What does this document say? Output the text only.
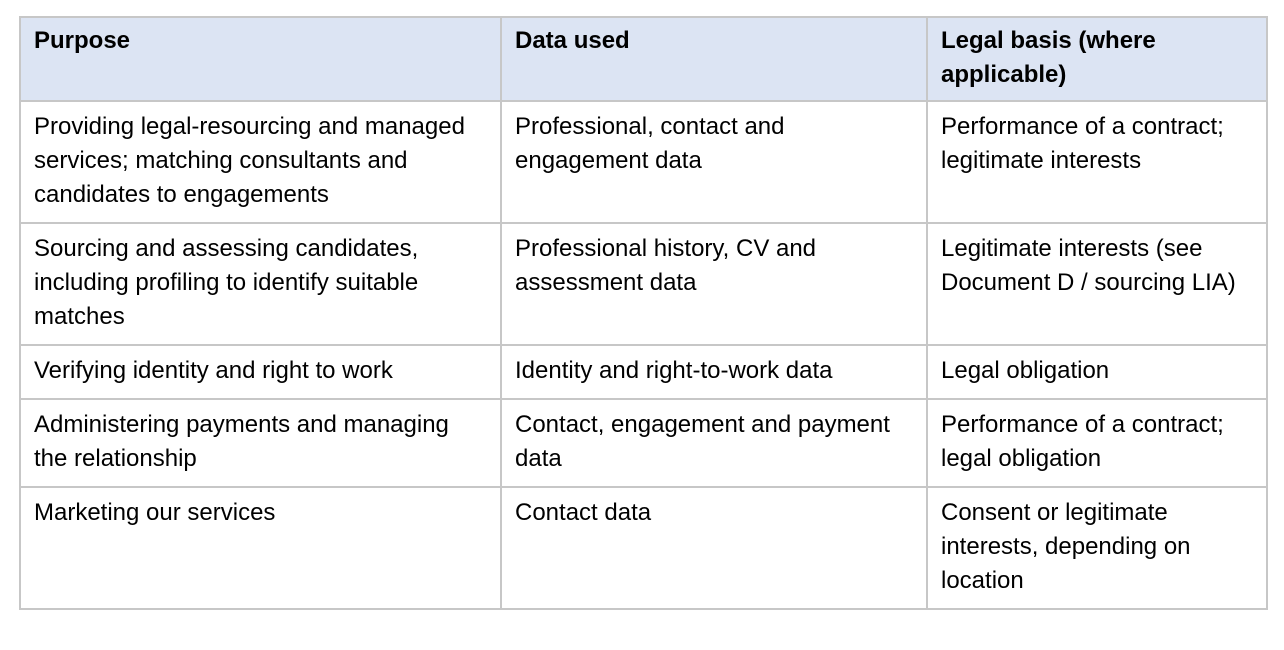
Purpose	Data used	Legal basis (where applicable)
Providing legal-resourcing and managed services; matching consultants and candidates to engagements	Professional, contact and engagement data	Performance of a contract; legitimate interests
Sourcing and assessing candidates, including profiling to identify suitable matches	Professional history, CV and assessment data	Legitimate interests (see Document D / sourcing LIA)
Verifying identity and right to work	Identity and right-to-work data	Legal obligation
Administering payments and managing the relationship	Contact, engagement and payment data	Performance of a contract; legal obligation
Marketing our services	Contact data	Consent or legitimate interests, depending on location
